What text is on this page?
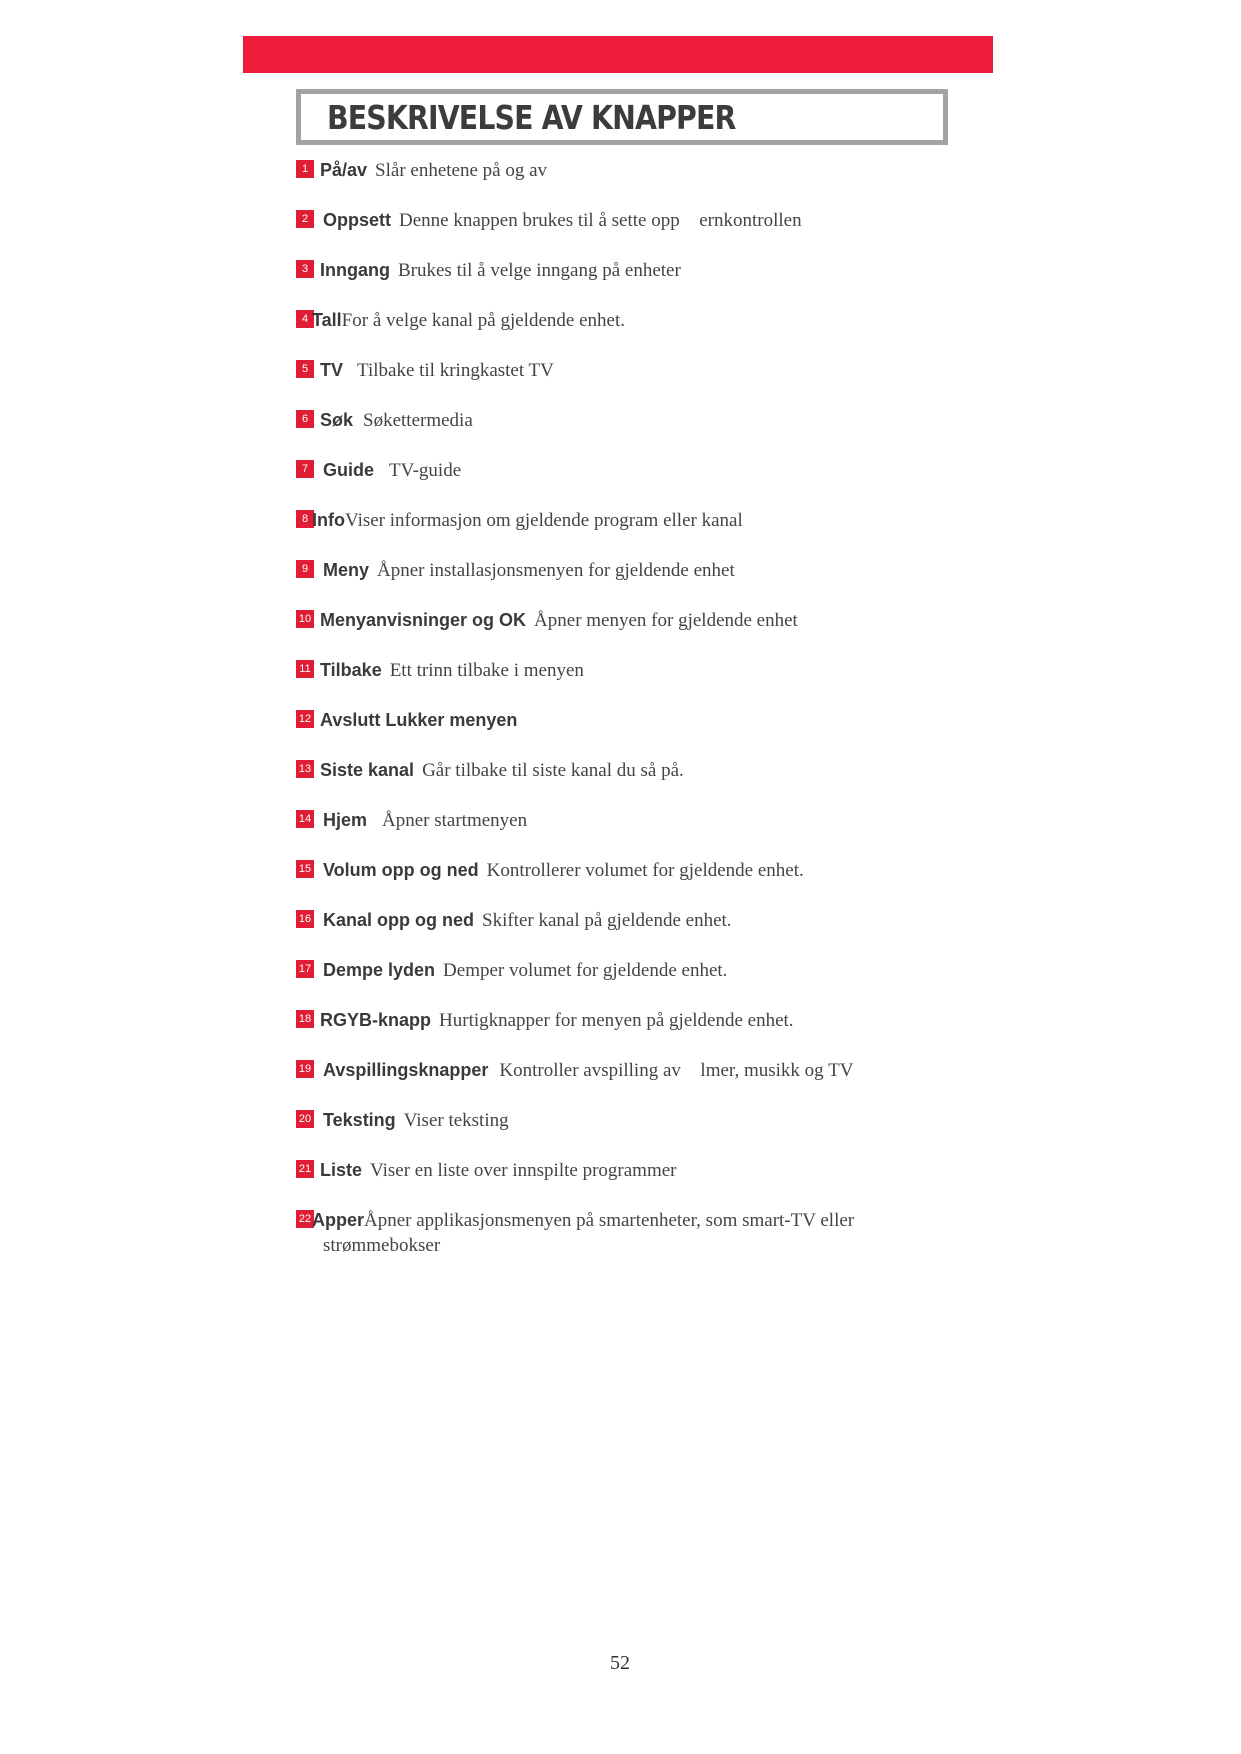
BESKRIVELSE AV KNAPPER
1 På/av Slår enhetene på og av
2 Oppsett Denne knappen brukes til å sette opp ernkontrollen
3 Inngang Brukes til å velge inngang på enheter
4 TallFor å velge kanal på gjeldende enhet.
5 TV Tilbake til kringkastet TV
6 Søk Søkettermedia
7 Guide TV-guide
8 InfoViser informasjon om gjeldende program eller kanal
9 Meny Åpner installasjonsmenyen for gjeldende enhet
10 Menyanvisninger og OK Åpner menyen for gjeldende enhet
11 Tilbake Ett trinn tilbake i menyen
12 Avslutt Lukker menyen
13 Siste kanal Går tilbake til siste kanal du så på.
14 Hjem Åpner startmenyen
15 Volum opp og ned Kontrollerer volumet for gjeldende enhet.
16 Kanal opp og ned Skifter kanal på gjeldende enhet.
17 Dempe lyden Demper volumet for gjeldende enhet.
18 RGYB-knapp Hurtigknapper for menyen på gjeldende enhet.
19 Avspillingsknapper Kontroller avspilling av lmer, musikk og TV
20 Teksting Viser teksting
21 Liste Viser en liste over innspilte programmer
22 ApperÅpner applikasjonsmenyen på smartenheter, som smart-TV eller
strømmebokser
52
